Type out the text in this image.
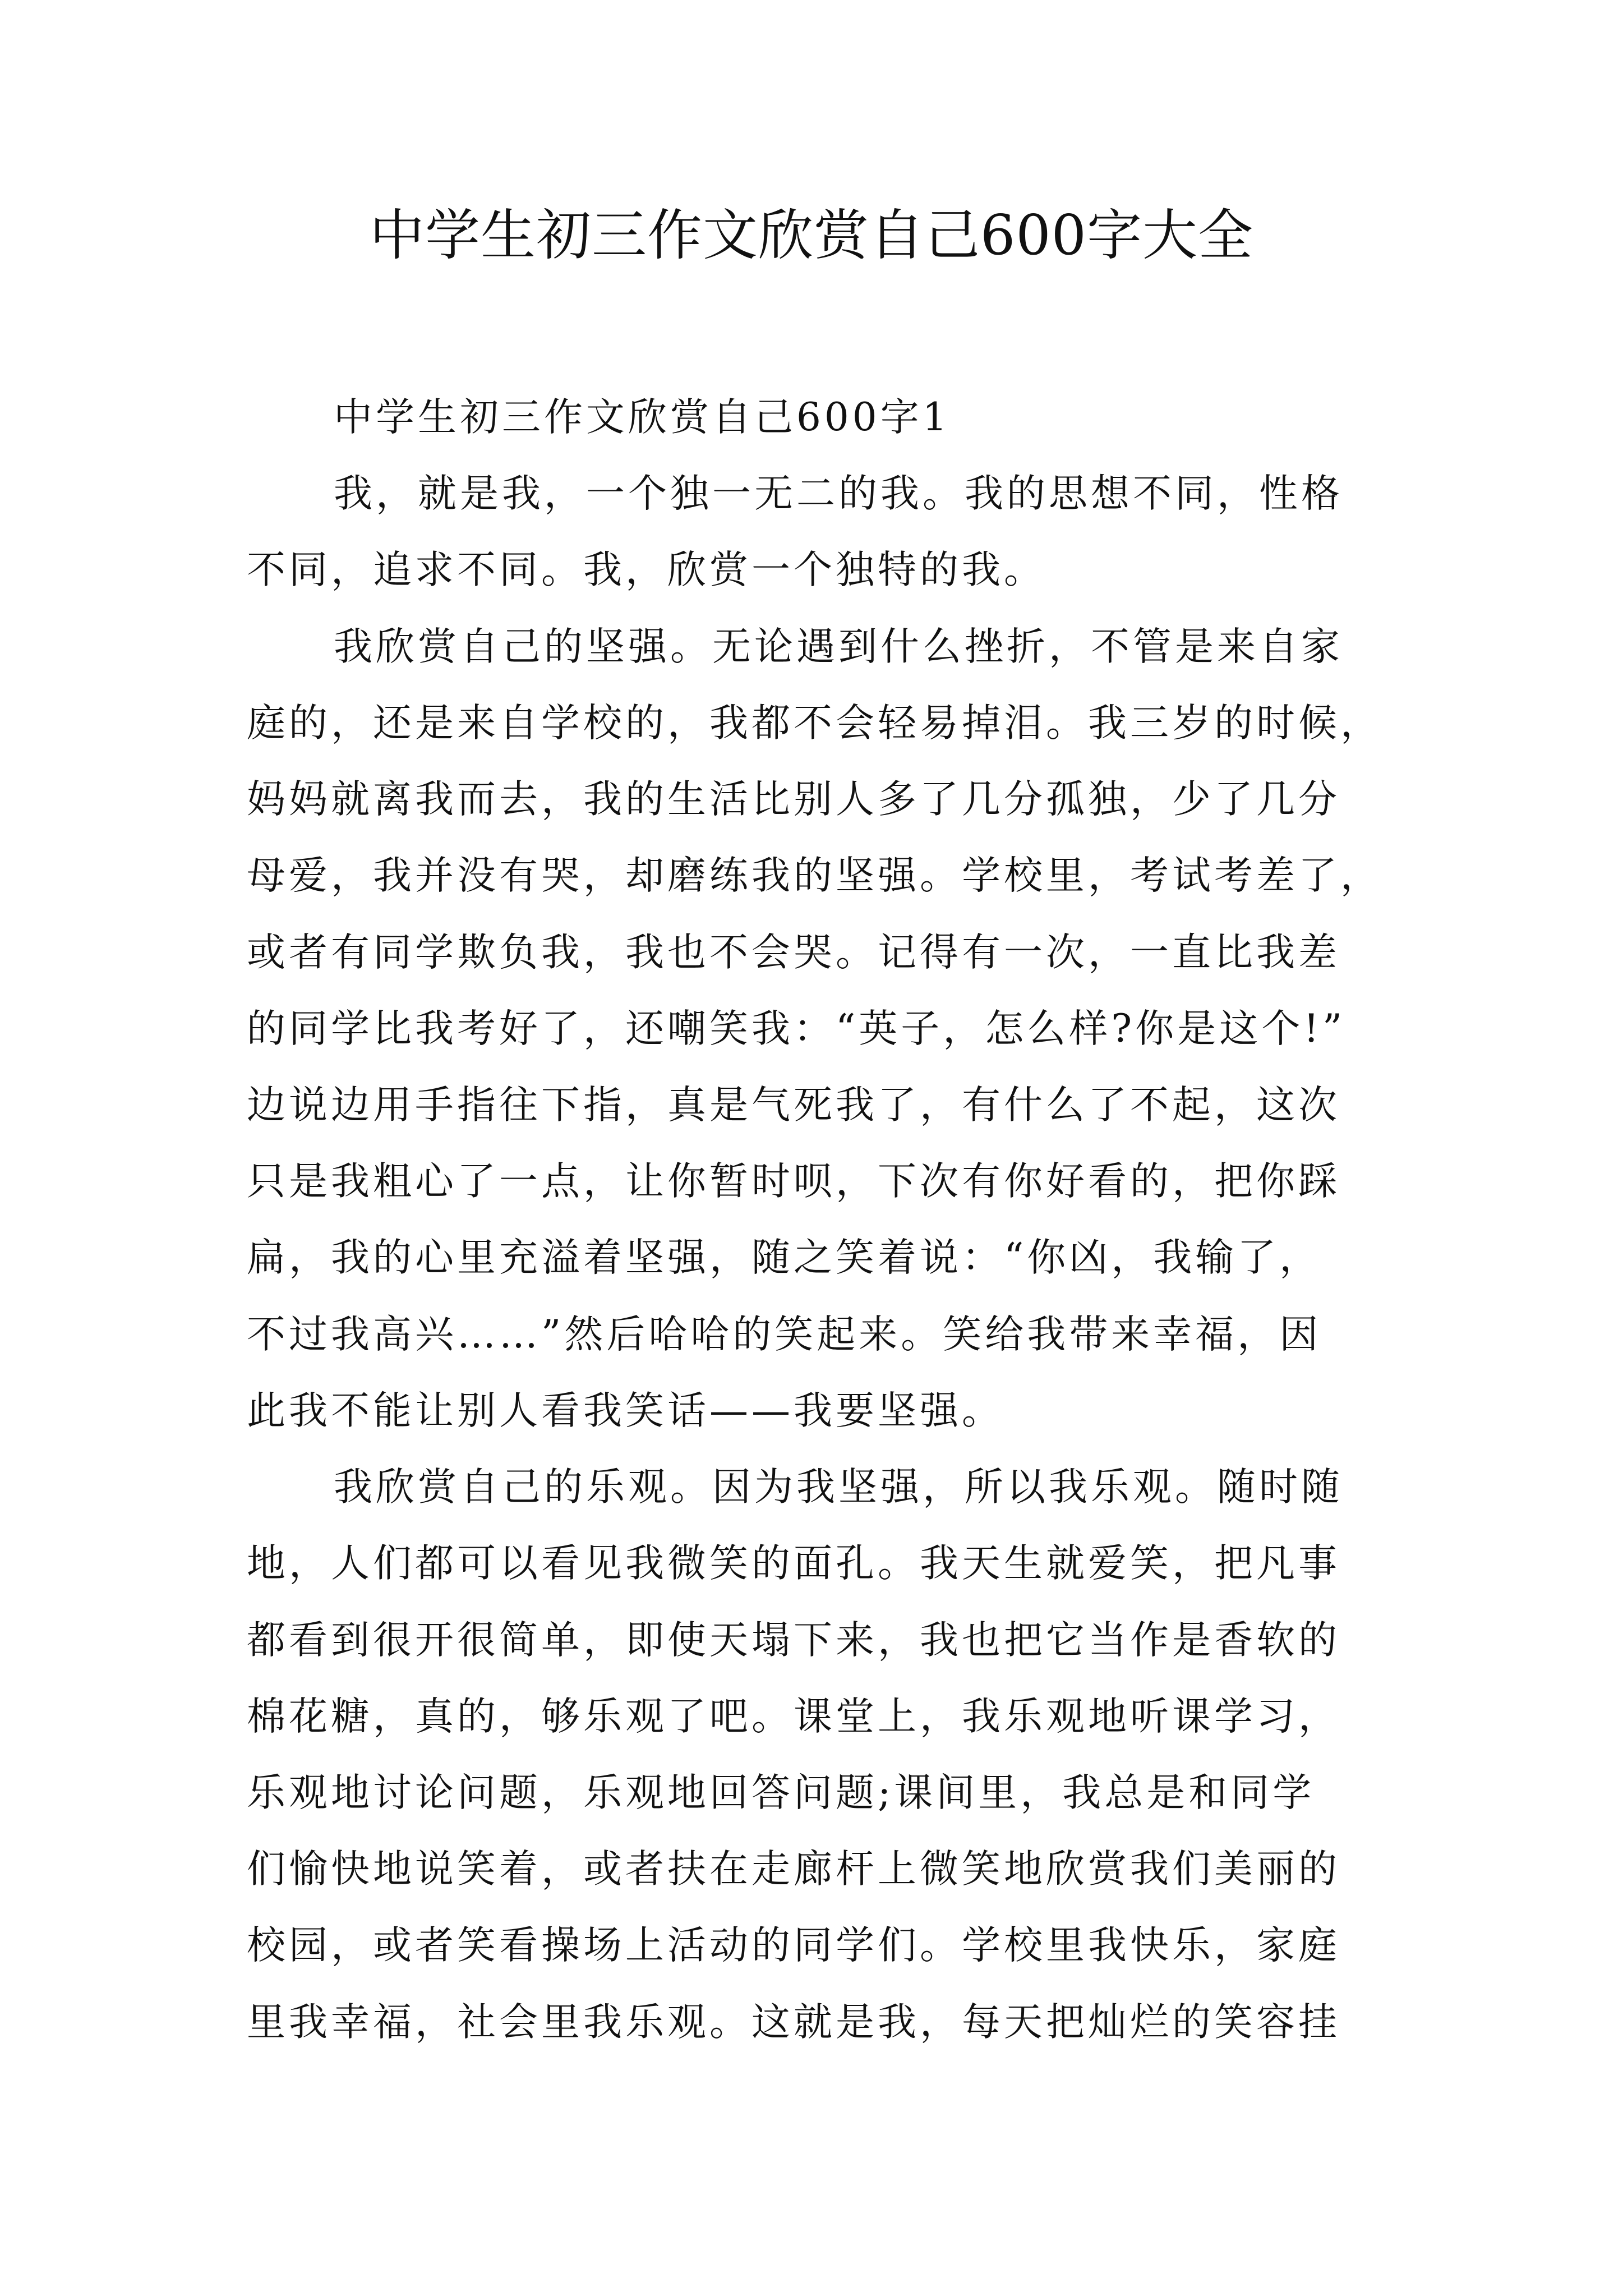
中学生初三作文欣赏自己600字大全
中学生初三作文欣赏自己600字1
我，就是我，一个独一无二的我。我的思想不同，性格
不同，追求不同。我，欣赏一个独特的我。
我欣赏自己的坚强。无论遇到什么挫折，不管是来自家
庭的，还是来自学校的，我都不会轻易掉泪。我三岁的时候，
妈妈就离我而去，我的生活比别人多了几分孤独，少了几分
母爱，我并没有哭，却磨练我的坚强。学校里，考试考差了，
或者有同学欺负我，我也不会哭。记得有一次，一直比我差
的同学比我考好了，还嘲笑我：“英子，怎么样?你是这个!”
边说边用手指往下指，真是气死我了，有什么了不起，这次
只是我粗心了一点，让你暂时呗，下次有你好看的，把你踩
扁，我的心里充溢着坚强，随之笑着说：“你凶，我输了，
不过我高兴……”然后哈哈的笑起来。笑给我带来幸福，因
此我不能让别人看我笑话——我要坚强。
我欣赏自己的乐观。因为我坚强，所以我乐观。随时随
地，人们都可以看见我微笑的面孔。我天生就爱笑，把凡事
都看到很开很简单，即使天塌下来，我也把它当作是香软的
棉花糖，真的，够乐观了吧。课堂上，我乐观地听课学习，
乐观地讨论问题，乐观地回答问题;课间里，我总是和同学
们愉快地说笑着，或者扶在走廊杆上微笑地欣赏我们美丽的
校园，或者笑看操场上活动的同学们。学校里我快乐，家庭
里我幸福，社会里我乐观。这就是我，每天把灿烂的笑容挂
